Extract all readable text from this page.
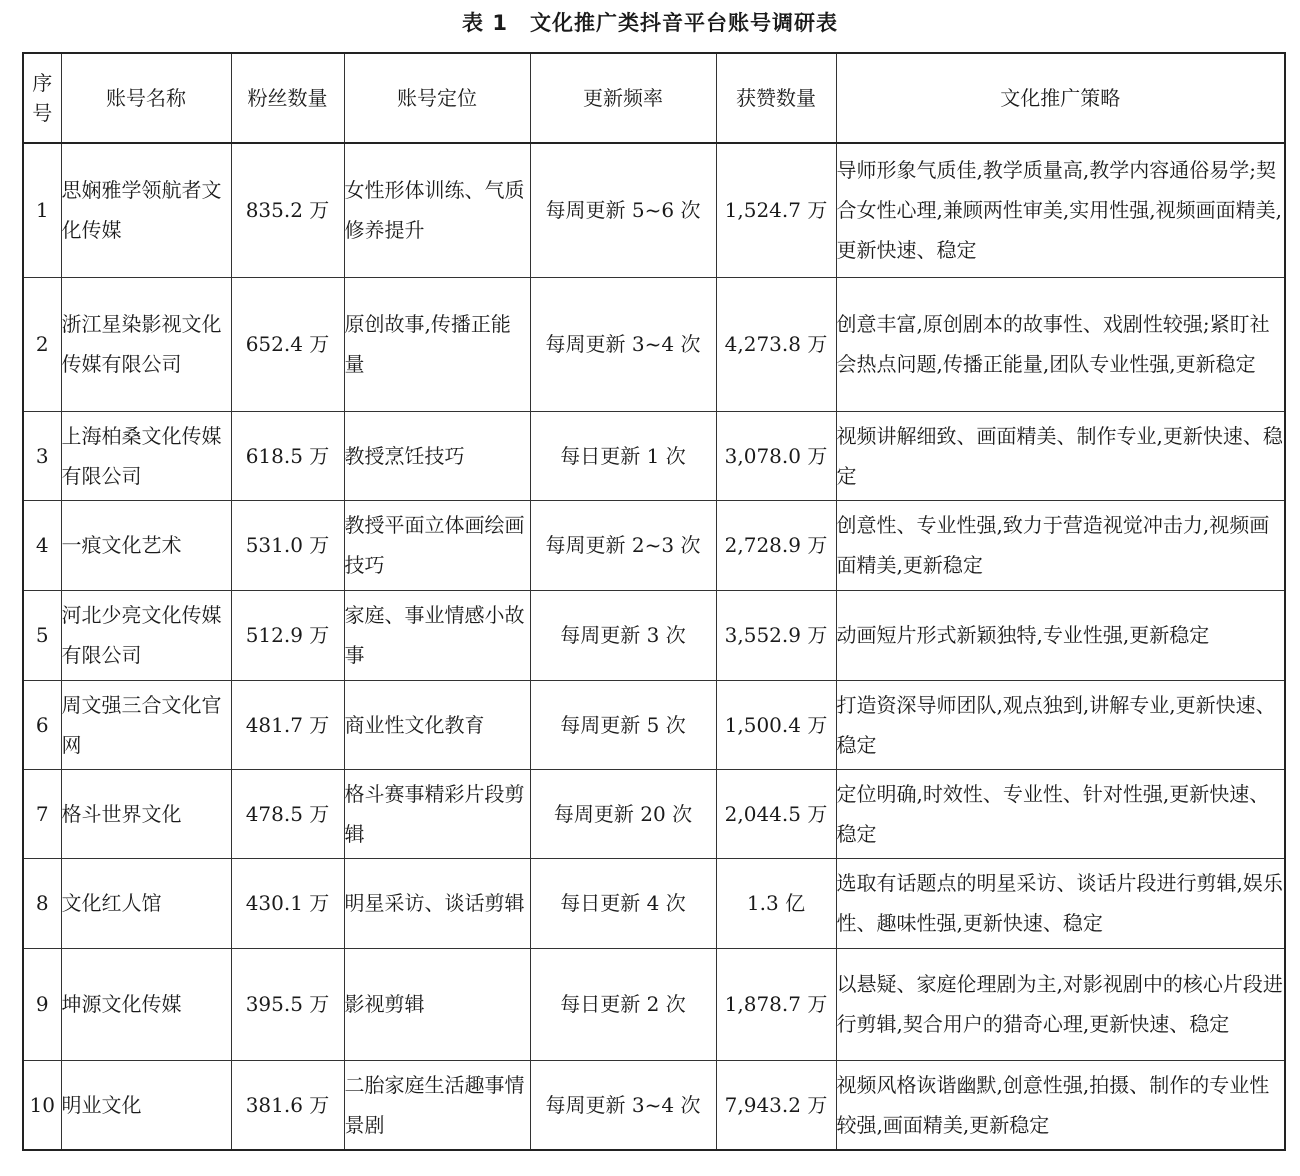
表 1 文化推广类抖音平台账号调研表
序
号	账号名称	粉丝数量	账号定位	更新频率	获赞数量	文化推广策略
1	思娴雅学领航者文化传媒	835.2 万	女性形体训练、气质修养提升	每周更新 5~6 次	1,524.7 万	导师形象气质佳,教学质量高,教学内容通俗易学;契合女性心理,兼顾两性审美,实用性强,视频画面精美,更新快速、稳定
2	浙江星染影视文化传媒有限公司	652.4 万	原创故事,传播正能量	每周更新 3~4 次	4,273.8 万	创意丰富,原创剧本的故事性、戏剧性较强;紧盯社会热点问题,传播正能量,团队专业性强,更新稳定
3	上海柏桑文化传媒有限公司	618.5 万	教授烹饪技巧	每日更新 1 次	3,078.0 万	视频讲解细致、画面精美、制作专业,更新快速、稳定
4	一痕文化艺术	531.0 万	教授平面立体画绘画技巧	每周更新 2~3 次	2,728.9 万	创意性、专业性强,致力于营造视觉冲击力,视频画面精美,更新稳定
5	河北少亮文化传媒有限公司	512.9 万	家庭、事业情感小故事	每周更新 3 次	3,552.9 万	动画短片形式新颖独特,专业性强,更新稳定
6	周文强三合文化官网	481.7 万	商业性文化教育	每周更新 5 次	1,500.4 万	打造资深导师团队,观点独到,讲解专业,更新快速、稳定
7	格斗世界文化	478.5 万	格斗赛事精彩片段剪辑	每周更新 20 次	2,044.5 万	定位明确,时效性、专业性、针对性强,更新快速、稳定
8	文化红人馆	430.1 万	明星采访、谈话剪辑	每日更新 4 次	1.3 亿	选取有话题点的明星采访、谈话片段进行剪辑,娱乐性、趣味性强,更新快速、稳定
9	坤源文化传媒	395.5 万	影视剪辑	每日更新 2 次	1,878.7 万	以悬疑、家庭伦理剧为主,对影视剧中的核心片段进行剪辑,契合用户的猎奇心理,更新快速、稳定
10	明业文化	381.6 万	二胎家庭生活趣事情景剧	每周更新 3~4 次	7,943.2 万	视频风格诙谐幽默,创意性强,拍摄、制作的专业性较强,画面精美,更新稳定
